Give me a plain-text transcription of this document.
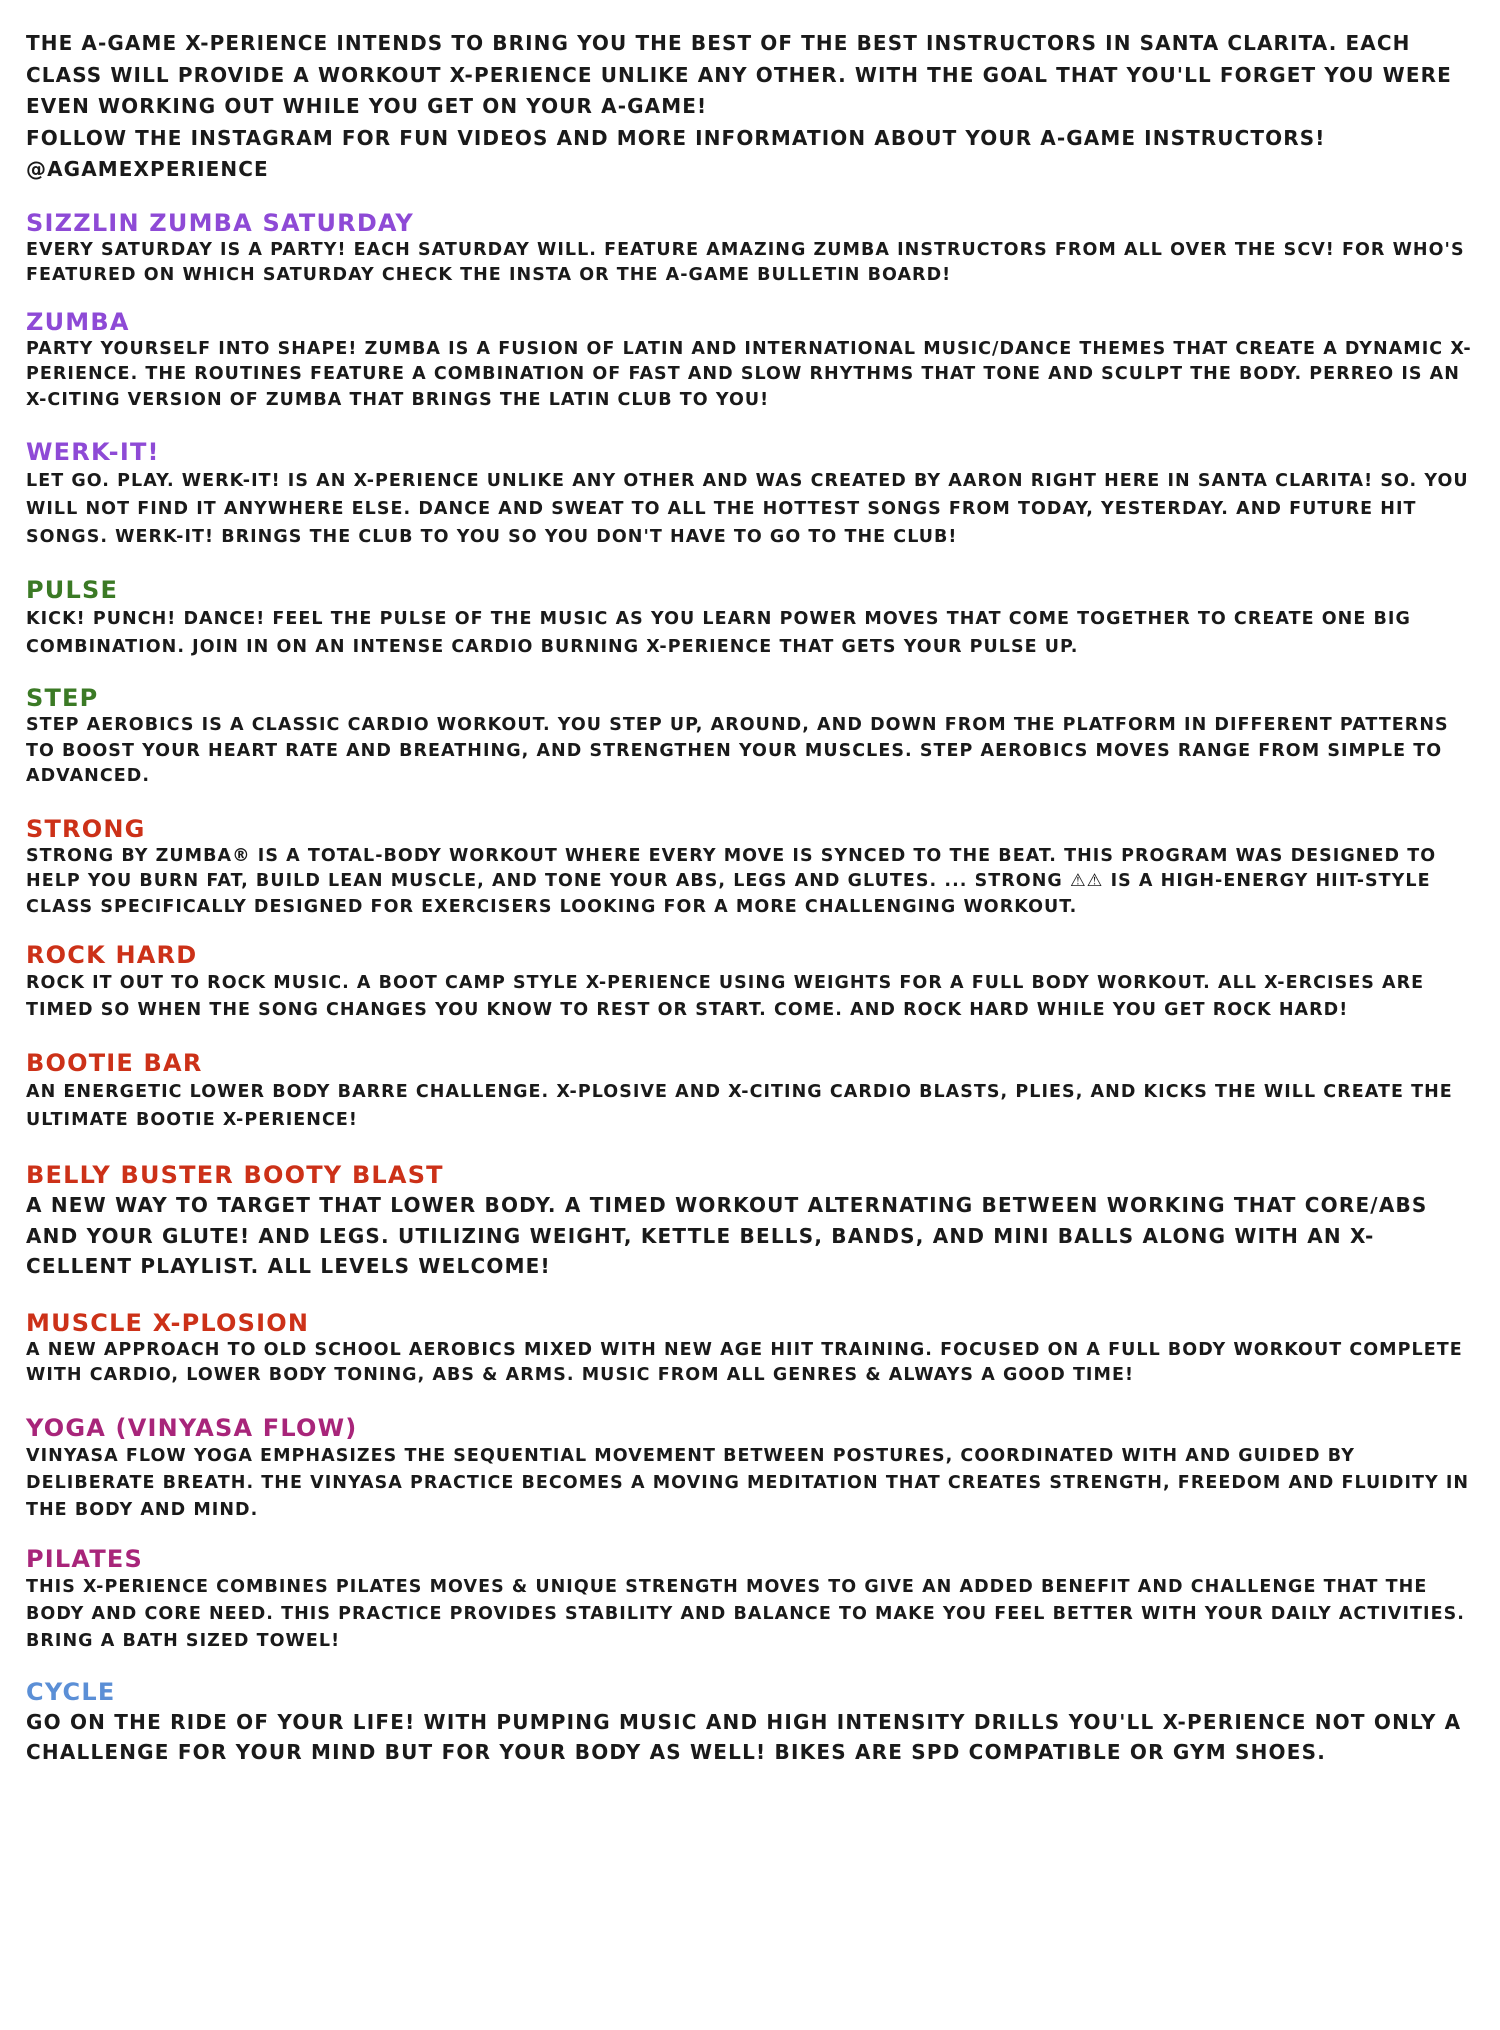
THE A-GAME X-PERIENCE INTENDS TO BRING YOU THE BEST OF THE BEST INSTRUCTORS IN SANTA CLARITA. EACH CLASS WILL PROVIDE A WORKOUT X-PERIENCE UNLIKE ANY OTHER. WITH THE GOAL THAT YOU'LL FORGET YOU WERE EVEN WORKING OUT WHILE YOU GET ON YOUR A-GAME!

FOLLOW THE INSTAGRAM FOR FUN VIDEOS AND MORE INFORMATION ABOUT YOUR A-GAME INSTRUCTORS!

@AGAMEXPERIENCE

SIZZLIN ZUMBA SATURDAY

EVERY SATURDAY IS A PARTY! EACH SATURDAY WILL. FEATURE AMAZING ZUMBA INSTRUCTORS FROM ALL OVER THE SCV! FOR WHO'S FEATURED ON WHICH SATURDAY CHECK THE INSTA OR THE A-GAME BULLETIN BOARD!

ZUMBA

PARTY YOURSELF INTO SHAPE! ZUMBA IS A FUSION OF LATIN AND INTERNATIONAL MUSIC/DANCE THEMES THAT CREATE A DYNAMIC X-PERIENCE. THE ROUTINES FEATURE A COMBINATION OF FAST AND SLOW RHYTHMS THAT TONE AND SCULPT THE BODY. PERREO IS AN X-CITING VERSION OF ZUMBA THAT BRINGS THE LATIN CLUB TO YOU!

WERK-IT!

LET GO. PLAY. WERK-IT! IS AN X-PERIENCE UNLIKE ANY OTHER AND WAS CREATED BY AARON RIGHT HERE IN SANTA CLARITA! SO. YOU WILL NOT FIND IT ANYWHERE ELSE. DANCE AND SWEAT TO ALL THE HOTTEST SONGS FROM TODAY, YESTERDAY. AND FUTURE HIT SONGS. WERK-IT! BRINGS THE CLUB TO YOU SO YOU DON'T HAVE TO GO TO THE CLUB!

PULSE

KICK! PUNCH! DANCE! FEEL THE PULSE OF THE MUSIC AS YOU LEARN POWER MOVES THAT COME TOGETHER TO CREATE ONE BIG COMBINATION. JOIN IN ON AN INTENSE CARDIO BURNING X-PERIENCE THAT GETS YOUR PULSE UP.

STEP

STEP AEROBICS IS A CLASSIC CARDIO WORKOUT. YOU STEP UP, AROUND, AND DOWN FROM THE PLATFORM IN DIFFERENT PATTERNS TO BOOST YOUR HEART RATE AND BREATHING, AND STRENGTHEN YOUR MUSCLES. STEP AEROBICS MOVES RANGE FROM SIMPLE TO ADVANCED.

STRONG

STRONG BY ZUMBA® IS A TOTAL-BODY WORKOUT WHERE EVERY MOVE IS SYNCED TO THE BEAT. THIS PROGRAM WAS DESIGNED TO HELP YOU BURN FAT, BUILD LEAN MUSCLE, AND TONE YOUR ABS, LEGS AND GLUTES. ... STRONG ⚠⚠ IS A HIGH-ENERGY HIIT-STYLE CLASS SPECIFICALLY DESIGNED FOR EXERCISERS LOOKING FOR A MORE CHALLENGING WORKOUT.

ROCK HARD

ROCK IT OUT TO ROCK MUSIC. A BOOT CAMP STYLE X-PERIENCE USING WEIGHTS FOR A FULL BODY WORKOUT. ALL X-ERCISES ARE TIMED SO WHEN THE SONG CHANGES YOU KNOW TO REST OR START. COME. AND ROCK HARD WHILE YOU GET ROCK HARD!

BOOTIE BAR

AN ENERGETIC LOWER BODY BARRE CHALLENGE. X-PLOSIVE AND X-CITING CARDIO BLASTS, PLIES, AND KICKS THE WILL CREATE THE ULTIMATE BOOTIE X-PERIENCE!

BELLY BUSTER BOOTY BLAST

A NEW WAY TO TARGET THAT LOWER BODY. A TIMED WORKOUT ALTERNATING BETWEEN WORKING THAT CORE/ABS AND YOUR GLUTE! AND LEGS. UTILIZING WEIGHT, KETTLE BELLS, BANDS, AND MINI BALLS ALONG WITH AN X-CELLENT PLAYLIST. ALL LEVELS WELCOME!

MUSCLE X-PLOSION

A NEW APPROACH TO OLD SCHOOL AEROBICS MIXED WITH NEW AGE HIIT TRAINING. FOCUSED ON A FULL BODY WORKOUT COMPLETE WITH CARDIO, LOWER BODY TONING, ABS & ARMS. MUSIC FROM ALL GENRES & ALWAYS A GOOD TIME!

YOGA (VINYASA FLOW)

VINYASA FLOW YOGA EMPHASIZES THE SEQUENTIAL MOVEMENT BETWEEN POSTURES, COORDINATED WITH AND GUIDED BY DELIBERATE BREATH. THE VINYASA PRACTICE BECOMES A MOVING MEDITATION THAT CREATES STRENGTH, FREEDOM AND FLUIDITY IN THE BODY AND MIND.

PILATES

THIS X-PERIENCE COMBINES PILATES MOVES & UNIQUE STRENGTH MOVES TO GIVE AN ADDED BENEFIT AND CHALLENGE THAT THE BODY AND CORE NEED. THIS PRACTICE PROVIDES STABILITY AND BALANCE TO MAKE YOU FEEL BETTER WITH YOUR DAILY ACTIVITIES. BRING A BATH SIZED TOWEL!

CYCLE

GO ON THE RIDE OF YOUR LIFE! WITH PUMPING MUSIC AND HIGH INTENSITY DRILLS YOU'LL X-PERIENCE NOT ONLY A CHALLENGE FOR YOUR MIND BUT FOR YOUR BODY AS WELL! BIKES ARE SPD COMPATIBLE OR GYM SHOES.
